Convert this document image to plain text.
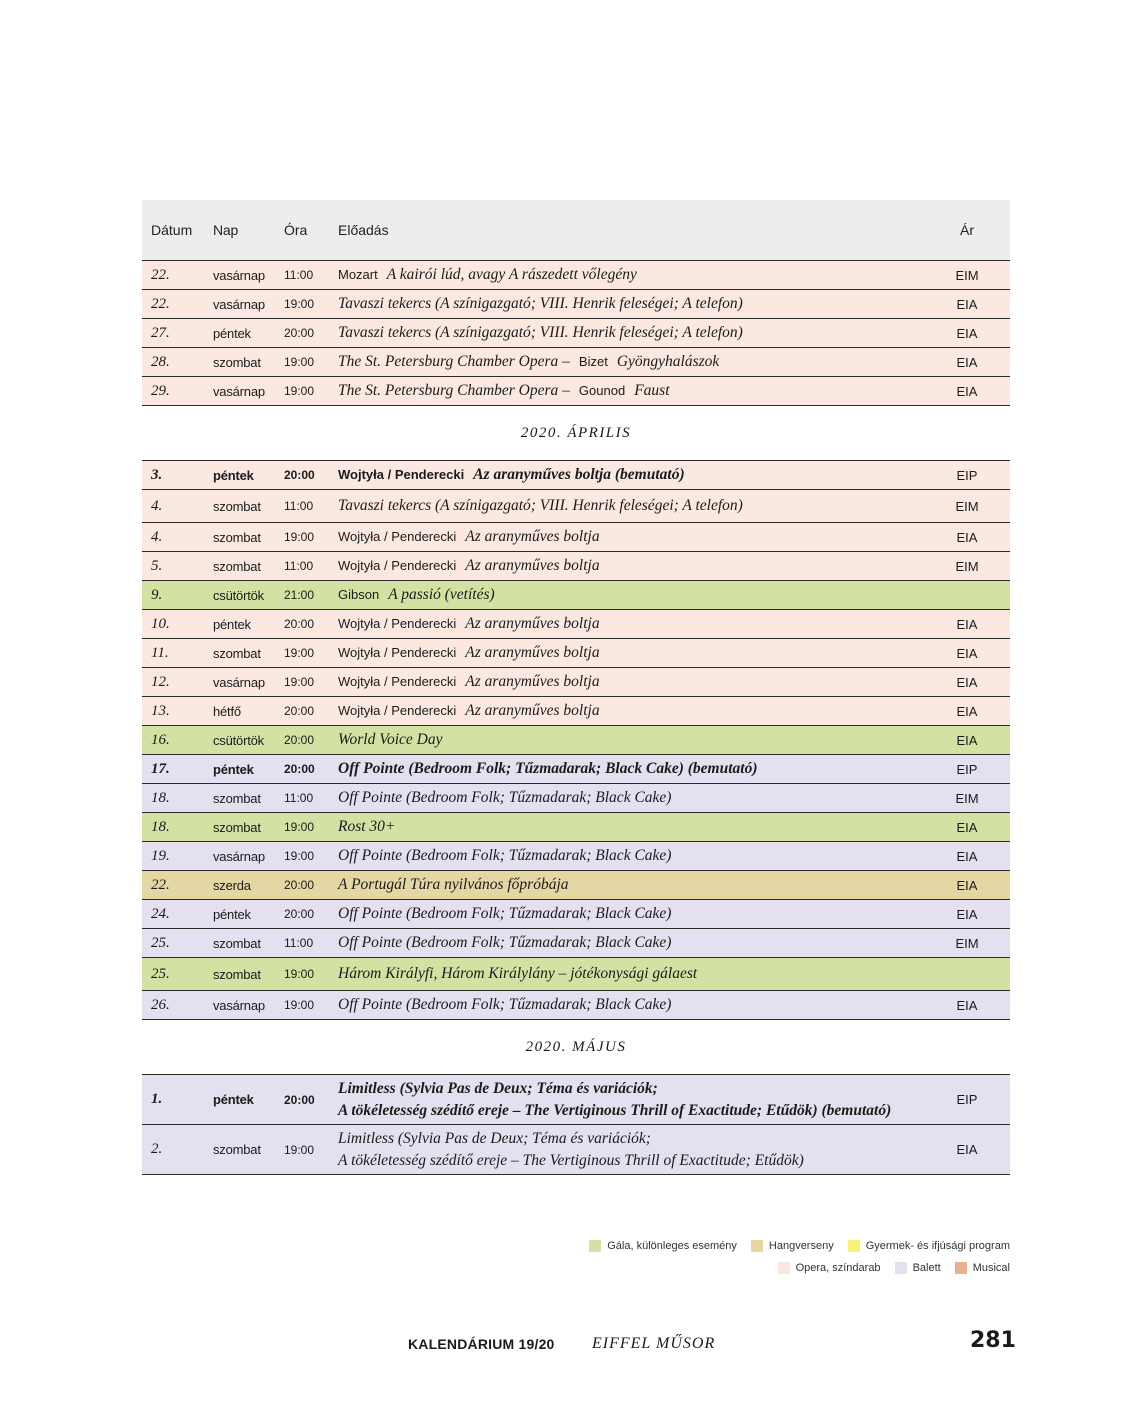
Dátum	Nap	Óra	Előadás	Ár
22.	vasárnap	11:00	Mozart A kairói lúd, avagy A rászedett vőlegény	EIM
22.	vasárnap	19:00	Tavaszi tekercs (A színigazgató; VIII. Henrik feleségei; A telefon)	EIA
27.	péntek	20:00	Tavaszi tekercs (A színigazgató; VIII. Henrik feleségei; A telefon)	EIA
28.	szombat	19:00	The St. Petersburg Chamber Opera – Bizet Gyöngyhalászok	EIA
29.	vasárnap	19:00	The St. Petersburg Chamber Opera – Gounod Faust	EIA
2020. ÁPRILIS
3.	péntek	20:00	Wojtyła / Penderecki Az aranyműves boltja (bemutató)	EIP
4.	szombat	11:00	Tavaszi tekercs (A színigazgató; VIII. Henrik feleségei; A telefon)	EIM
4.	szombat	19:00	Wojtyła / Penderecki Az aranyműves boltja	EIA
5.	szombat	11:00	Wojtyła / Penderecki Az aranyműves boltja	EIM
9.	csütörtök	21:00	Gibson A passió (vetítés)
10.	péntek	20:00	Wojtyła / Penderecki Az aranyműves boltja	EIA
11.	szombat	19:00	Wojtyła / Penderecki Az aranyműves boltja	EIA
12.	vasárnap	19:00	Wojtyła / Penderecki Az aranyműves boltja	EIA
13.	hétfő	20:00	Wojtyła / Penderecki Az aranyműves boltja	EIA
16.	csütörtök	20:00	World Voice Day	EIA
17.	péntek	20:00	Off Pointe (Bedroom Folk; Tűzmadarak; Black Cake) (bemutató)	EIP
18.	szombat	11:00	Off Pointe (Bedroom Folk; Tűzmadarak; Black Cake)	EIM
18.	szombat	19:00	Rost 30+	EIA
19.	vasárnap	19:00	Off Pointe (Bedroom Folk; Tűzmadarak; Black Cake)	EIA
22.	szerda	20:00	A Portugál Túra nyilvános főpróbája	EIA
24.	péntek	20:00	Off Pointe (Bedroom Folk; Tűzmadarak; Black Cake)	EIA
25.	szombat	11:00	Off Pointe (Bedroom Folk; Tűzmadarak; Black Cake)	EIM
25.	szombat	19:00	Három Királyfi, Három Királylány – jótékonysági gálaest
26.	vasárnap	19:00	Off Pointe (Bedroom Folk; Tűzmadarak; Black Cake)	EIA
2020. MÁJUS
1.	péntek	20:00
Limitless (Sylvia Pas de Deux; Téma és variációk;
A tökéletesség szédítő ereje – The Vertiginous Thrill of Exactitude; Etűdök) (bemutató)
EIP
2.	szombat	19:00
Limitless (Sylvia Pas de Deux; Téma és variációk;
A tökéletesség szédítő ereje – The Vertiginous Thrill of Exactitude; Etűdök)
EIA
Gála, különleges esemény	Hangverseny	Gyermek- és ifjúsági program
Opera, színdarab	Balett	Musical
KALENDÁRIUM 19/20 EIFFEL MŰSOR	281
